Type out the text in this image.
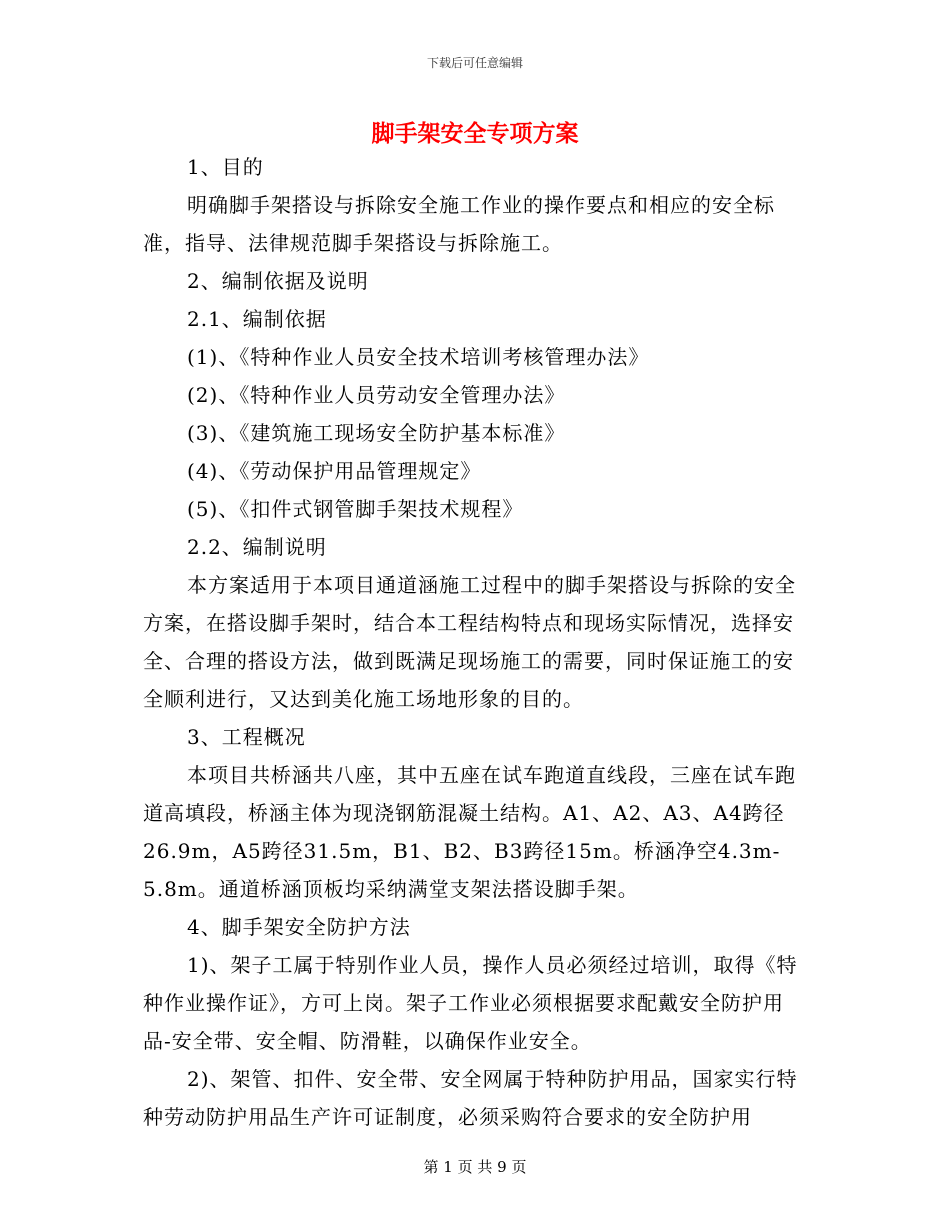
下载后可任意编辑
脚手架安全专项方案

1、目的

明确脚手架搭设与拆除安全施工作业的操作要点和相应的安全标准，指导、法律规范脚手架搭设与拆除施工。

2、编制依据及说明

2.1、编制依据

(1)、《特种作业人员安全技术培训考核管理办法》

(2)、《特种作业人员劳动安全管理办法》

(3)、《建筑施工现场安全防护基本标准》

(4)、《劳动保护用品管理规定》

(5)、《扣件式钢管脚手架技术规程》

2.2、编制说明

本方案适用于本项目通道涵施工过程中的脚手架搭设与拆除的安全方案，在搭设脚手架时，结合本工程结构特点和现场实际情况，选择安全、合理的搭设方法，做到既满足现场施工的需要，同时保证施工的安全顺利进行，又达到美化施工场地形象的目的。

3、工程概况

本项目共桥涵共八座，其中五座在试车跑道直线段，三座在试车跑道高填段，桥涵主体为现浇钢筋混凝土结构。A1、A2、A3、A4跨径26.9m，A5跨径31.5m，B1、B2、B3跨径15m。桥涵净空4.3m-5.8m。通道桥涵顶板均采纳满堂支架法搭设脚手架。

4、脚手架安全防护方法

1)、架子工属于特别作业人员，操作人员必须经过培训，取得《特种作业操作证》，方可上岗。架子工作业必须根据要求配戴安全防护用品-安全带、安全帽、防滑鞋，以确保作业安全。

2)、架管、扣件、安全带、安全网属于特种防护用品，国家实行特种劳动防护用品生产许可证制度，必须采购符合要求的安全防护用

第 1 页 共 9 页
